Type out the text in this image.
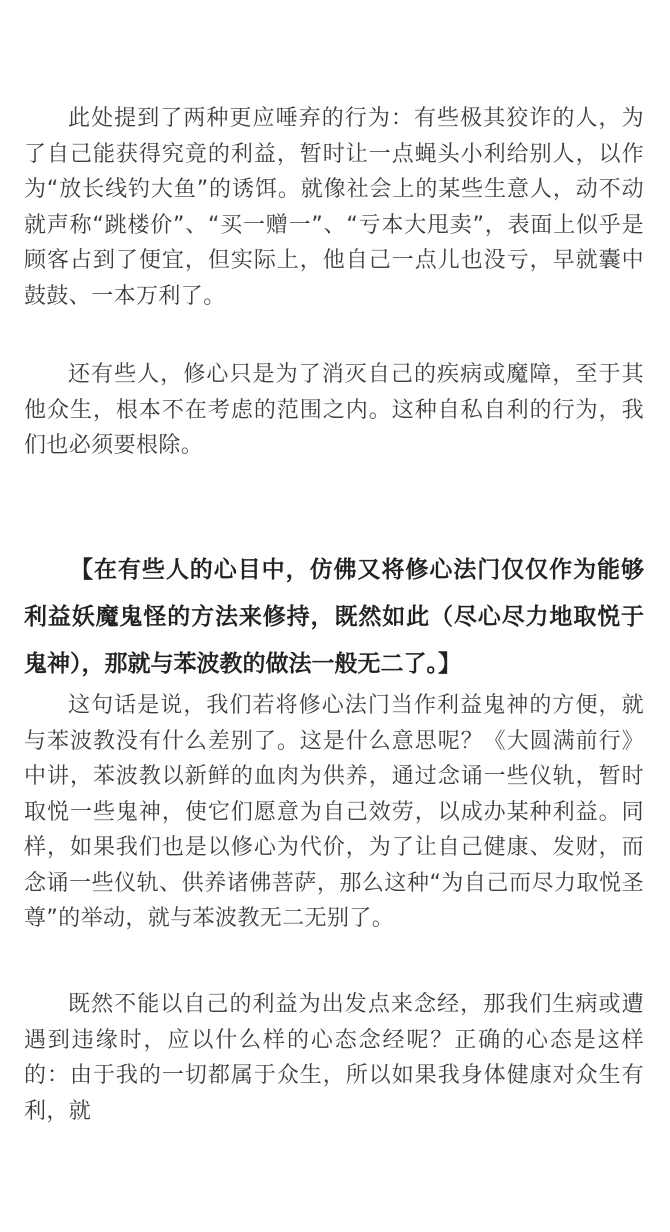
此处提到了两种更应唾弃的行为：有些极其狡诈的人，为了自己能获得究竟的利益，暂时让一点蝇头小利给别人，以作为“放长线钓大鱼”的诱饵。就像社会上的某些生意人，动不动就声称“跳楼价”、“买一赠一”、“亏本大甩卖”，表面上似乎是顾客占到了便宜，但实际上，他自己一点儿也没亏，早就囊中鼓鼓、一本万利了。

还有些人，修心只是为了消灭自己的疾病或魔障，至于其他众生，根本不在考虑的范围之内。这种自私自利的行为，我们也必须要根除。

【在有些人的心目中，仿佛又将修心法门仅仅作为能够利益妖魔鬼怪的方法来修持，既然如此（尽心尽力地取悦于鬼神），那就与苯波教的做法一般无二了。】

这句话是说，我们若将修心法门当作利益鬼神的方便，就与苯波教没有什么差别了。这是什么意思呢？《大圆满前行》中讲，苯波教以新鲜的血肉为供养，通过念诵一些仪轨，暂时取悦一些鬼神，使它们愿意为自己效劳，以成办某种利益。同样，如果我们也是以修心为代价，为了让自己健康、发财，而念诵一些仪轨、供养诸佛菩萨，那么这种“为自己而尽力取悦圣尊”的举动，就与苯波教无二无别了。

既然不能以自己的利益为出发点来念经，那我们生病或遭遇到违缘时，应以什么样的心态念经呢？正确的心态是这样的：由于我的一切都属于众生，所以如果我身体健康对众生有利，就
